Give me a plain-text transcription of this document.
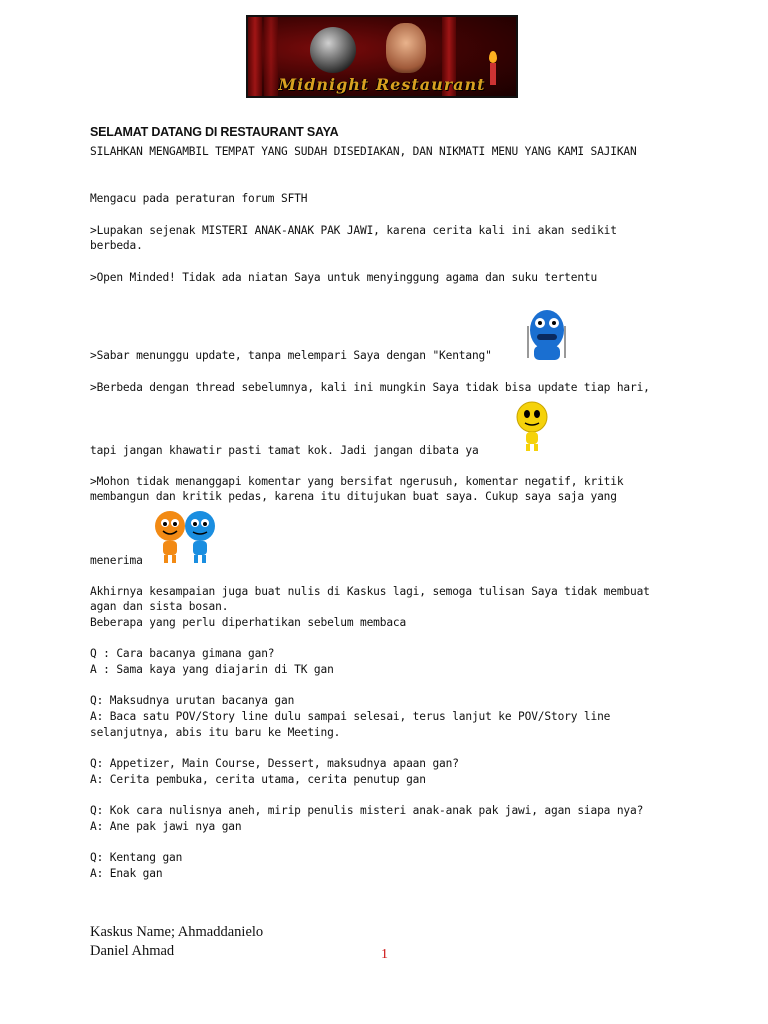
Midnight Restaurant
SELAMAT DATANG DI RESTAURANT SAYA
SILAHKAN MENGAMBIL TEMPAT YANG SUDAH DISEDIAKAN, DAN NIKMATI MENU YANG KAMI SAJIKAN
Mengacu pada peraturan forum SFTH
>Lupakan sejenak MISTERI ANAK-ANAK PAK JAWI, karena cerita kali ini akan sedikit
berbeda.
>Open Minded! Tidak ada niatan Saya untuk menyinggung agama dan suku tertentu
>Sabar menunggu update, tanpa melempari Saya dengan "Kentang"
>Berbeda dengan thread sebelumnya, kali ini mungkin Saya tidak bisa update tiap hari,
tapi jangan khawatir pasti tamat kok. Jadi jangan dibata ya
>Mohon tidak menanggapi komentar yang bersifat ngerusuh, komentar negatif, kritik
membangun dan kritik pedas, karena itu ditujukan buat saya. Cukup saya saja yang
menerima
Akhirnya kesampaian juga buat nulis di Kaskus lagi, semoga tulisan Saya tidak membuat
agan dan sista bosan.
Beberapa yang perlu diperhatikan sebelum membaca
Q : Cara bacanya gimana gan?
A : Sama kaya yang diajarin di TK gan
Q: Maksudnya urutan bacanya gan
A: Baca satu POV/Story line dulu sampai selesai, terus lanjut ke POV/Story line
selanjutnya, abis itu baru ke Meeting.
Q: Appetizer, Main Course, Dessert, maksudnya apaan gan?
A: Cerita pembuka, cerita utama, cerita penutup gan
Q: Kok cara nulisnya aneh, mirip penulis misteri anak-anak pak jawi, agan siapa nya?
A: Ane pak jawi nya gan
Q: Kentang gan
A: Enak gan
Kaskus Name; Ahmaddanielo
Daniel Ahmad	1
